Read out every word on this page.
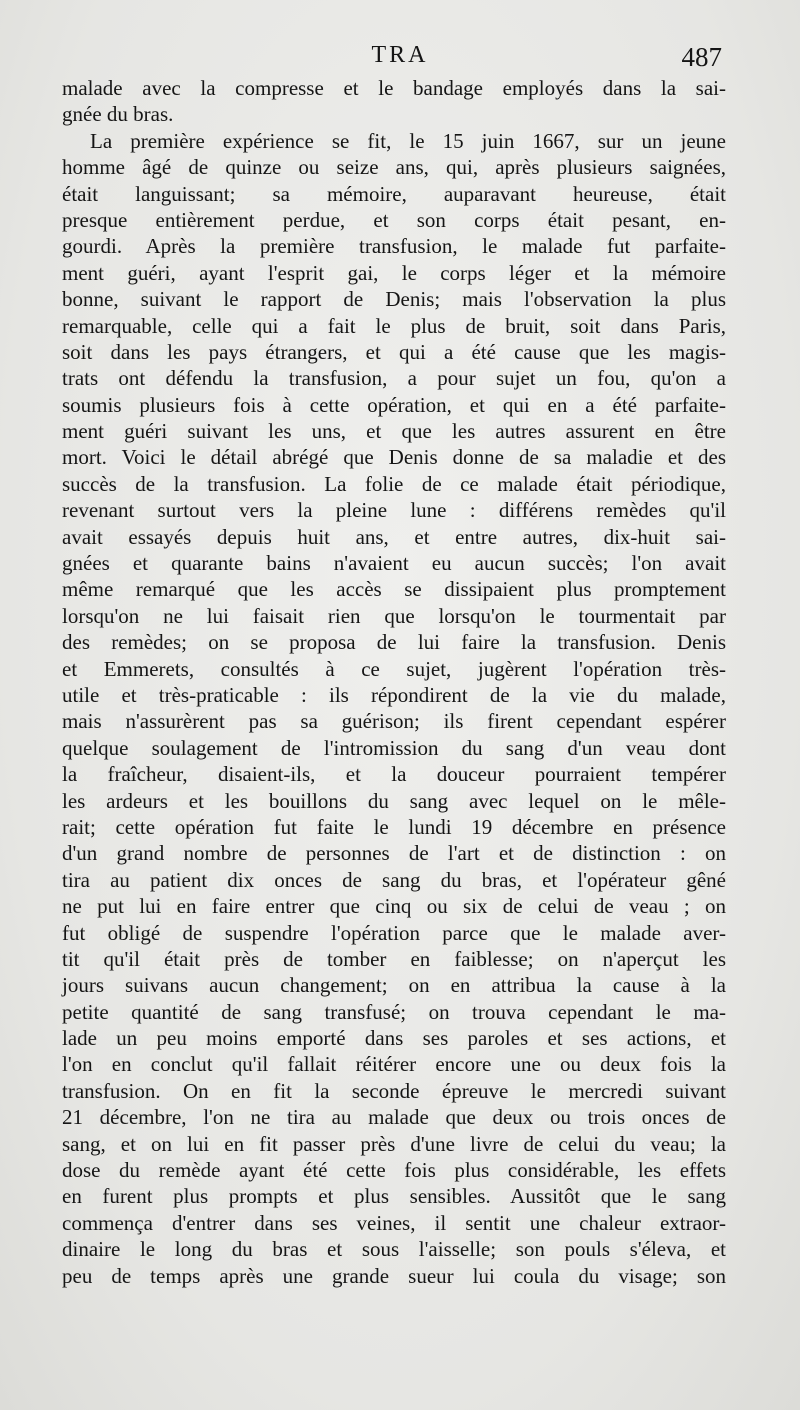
TRA	487
malade avec la compresse et le bandage employés dans la sai-
gnée du bras.
La première expérience se fit, le 15 juin 1667, sur un jeune
homme âgé de quinze ou seize ans, qui, après plusieurs saignées,
était languissant; sa mémoire, auparavant heureuse, était
presque entièrement perdue, et son corps était pesant, en-
gourdi. Après la première transfusion, le malade fut parfaite-
ment guéri, ayant l'esprit gai, le corps léger et la mémoire
bonne, suivant le rapport de Denis; mais l'observation la plus
remarquable, celle qui a fait le plus de bruit, soit dans Paris,
soit dans les pays étrangers, et qui a été cause que les magis-
trats ont défendu la transfusion, a pour sujet un fou, qu'on a
soumis plusieurs fois à cette opération, et qui en a été parfaite-
ment guéri suivant les uns, et que les autres assurent en être
mort. Voici le détail abrégé que Denis donne de sa maladie et des
succès de la transfusion. La folie de ce malade était périodique,
revenant surtout vers la pleine lune : différens remèdes qu'il
avait essayés depuis huit ans, et entre autres, dix-huit sai-
gnées et quarante bains n'avaient eu aucun succès; l'on avait
même remarqué que les accès se dissipaient plus promptement
lorsqu'on ne lui faisait rien que lorsqu'on le tourmentait par
des remèdes; on se proposa de lui faire la transfusion. Denis
et Emmerets, consultés à ce sujet, jugèrent l'opération très-
utile et très-praticable : ils répondirent de la vie du malade,
mais n'assurèrent pas sa guérison; ils firent cependant espérer
quelque soulagement de l'intromission du sang d'un veau dont
la fraîcheur, disaient-ils, et la douceur pourraient tempérer
les ardeurs et les bouillons du sang avec lequel on le mêle-
rait; cette opération fut faite le lundi 19 décembre en présence
d'un grand nombre de personnes de l'art et de distinction : on
tira au patient dix onces de sang du bras, et l'opérateur gêné
ne put lui en faire entrer que cinq ou six de celui de veau ; on
fut obligé de suspendre l'opération parce que le malade aver-
tit qu'il était près de tomber en faiblesse; on n'aperçut les
jours suivans aucun changement; on en attribua la cause à la
petite quantité de sang transfusé; on trouva cependant le ma-
lade un peu moins emporté dans ses paroles et ses actions, et
l'on en conclut qu'il fallait réitérer encore une ou deux fois la
transfusion. On en fit la seconde épreuve le mercredi suivant
21 décembre, l'on ne tira au malade que deux ou trois onces de
sang, et on lui en fit passer près d'une livre de celui du veau; la
dose du remède ayant été cette fois plus considérable, les effets
en furent plus prompts et plus sensibles. Aussitôt que le sang
commença d'entrer dans ses veines, il sentit une chaleur extraor-
dinaire le long du bras et sous l'aisselle; son pouls s'éleva, et
peu de temps après une grande sueur lui coula du visage; son
